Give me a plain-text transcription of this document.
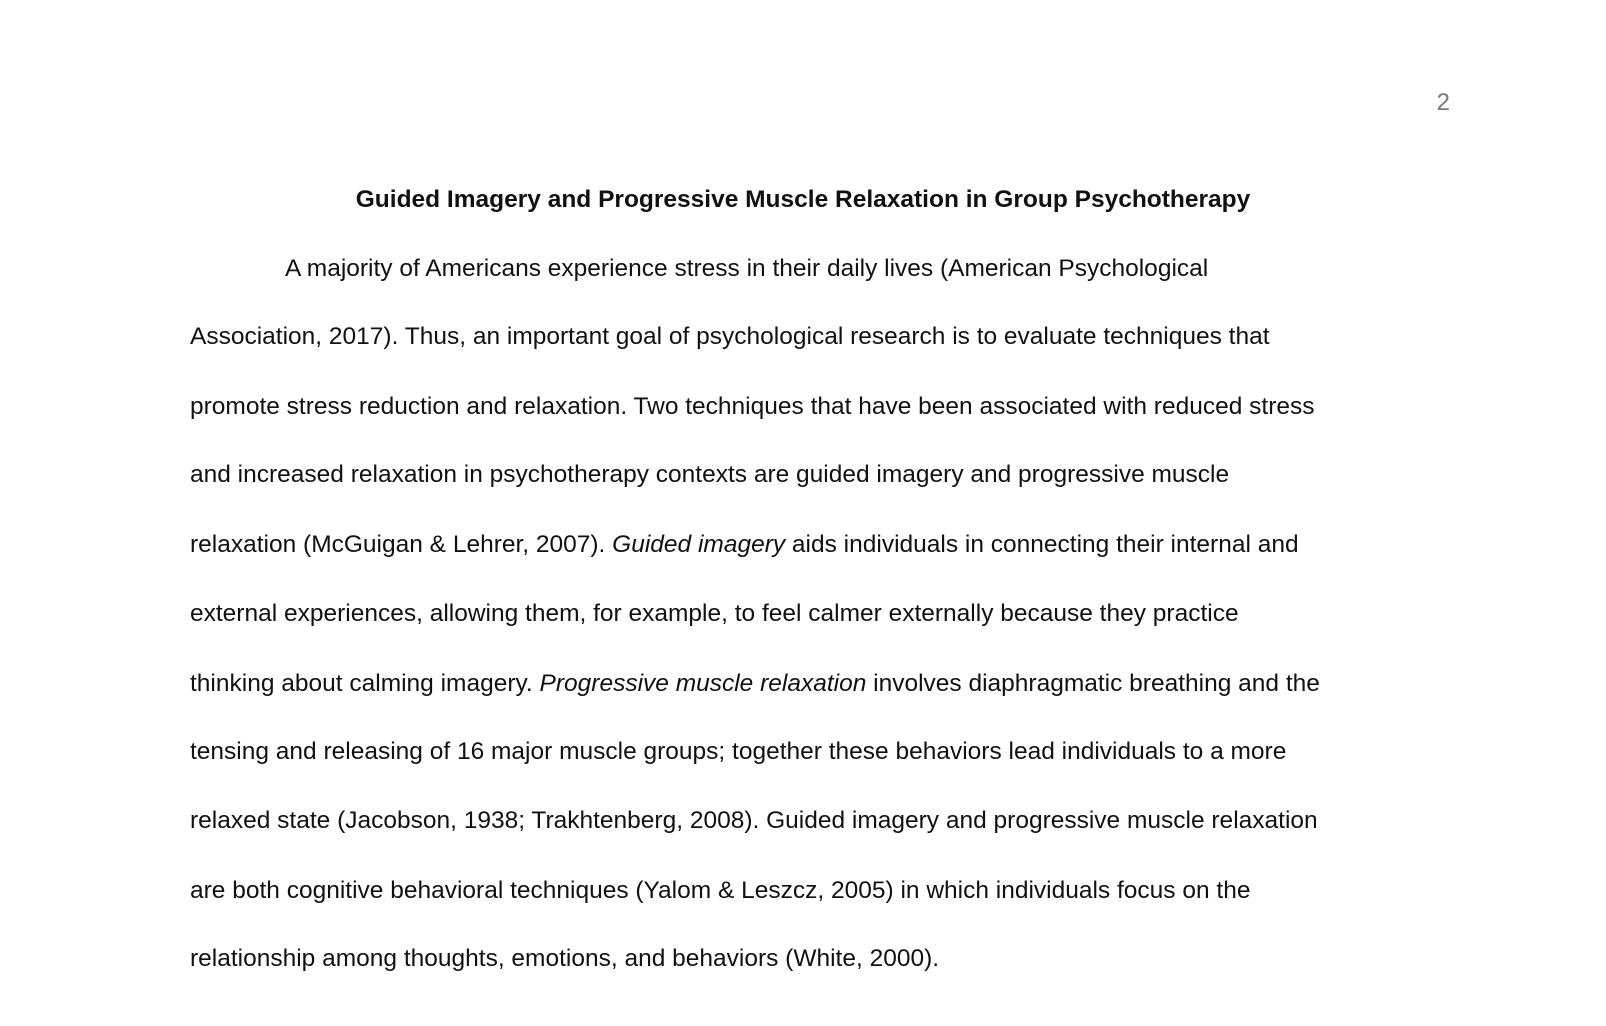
2
Guided Imagery and Progressive Muscle Relaxation in Group Psychotherapy
A majority of Americans experience stress in their daily lives (American Psychological
Association, 2017). Thus, an important goal of psychological research is to evaluate techniques that
promote stress reduction and relaxation. Two techniques that have been associated with reduced stress
and increased relaxation in psychotherapy contexts are guided imagery and progressive muscle
relaxation (McGuigan & Lehrer, 2007). Guided imagery aids individuals in connecting their internal and
external experiences, allowing them, for example, to feel calmer externally because they practice
thinking about calming imagery. Progressive muscle relaxation involves diaphragmatic breathing and the
tensing and releasing of 16 major muscle groups; together these behaviors lead individuals to a more
relaxed state (Jacobson, 1938; Trakhtenberg, 2008). Guided imagery and progressive muscle relaxation
are both cognitive behavioral techniques (Yalom & Leszcz, 2005) in which individuals focus on the
relationship among thoughts, emotions, and behaviors (White, 2000).
